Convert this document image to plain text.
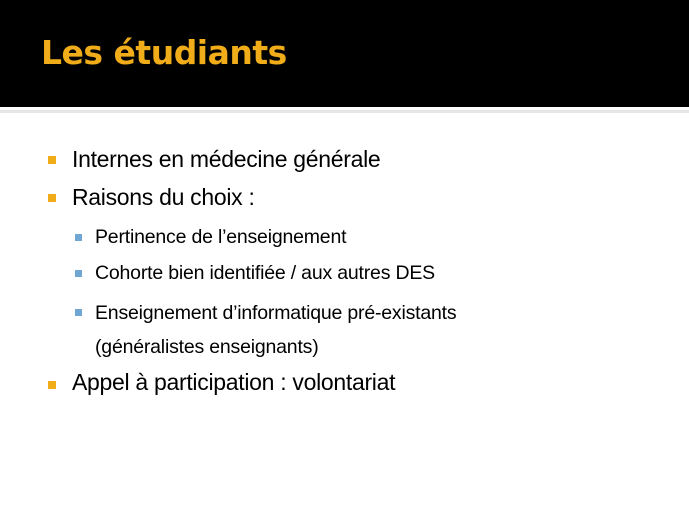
Les étudiants
Internes en médecine générale
Raisons du choix :
Pertinence de l’enseignement
Cohorte bien identifiée / aux autres DES
Enseignement d’informatique pré-existants
(généralistes enseignants)
Appel à participation : volontariat
